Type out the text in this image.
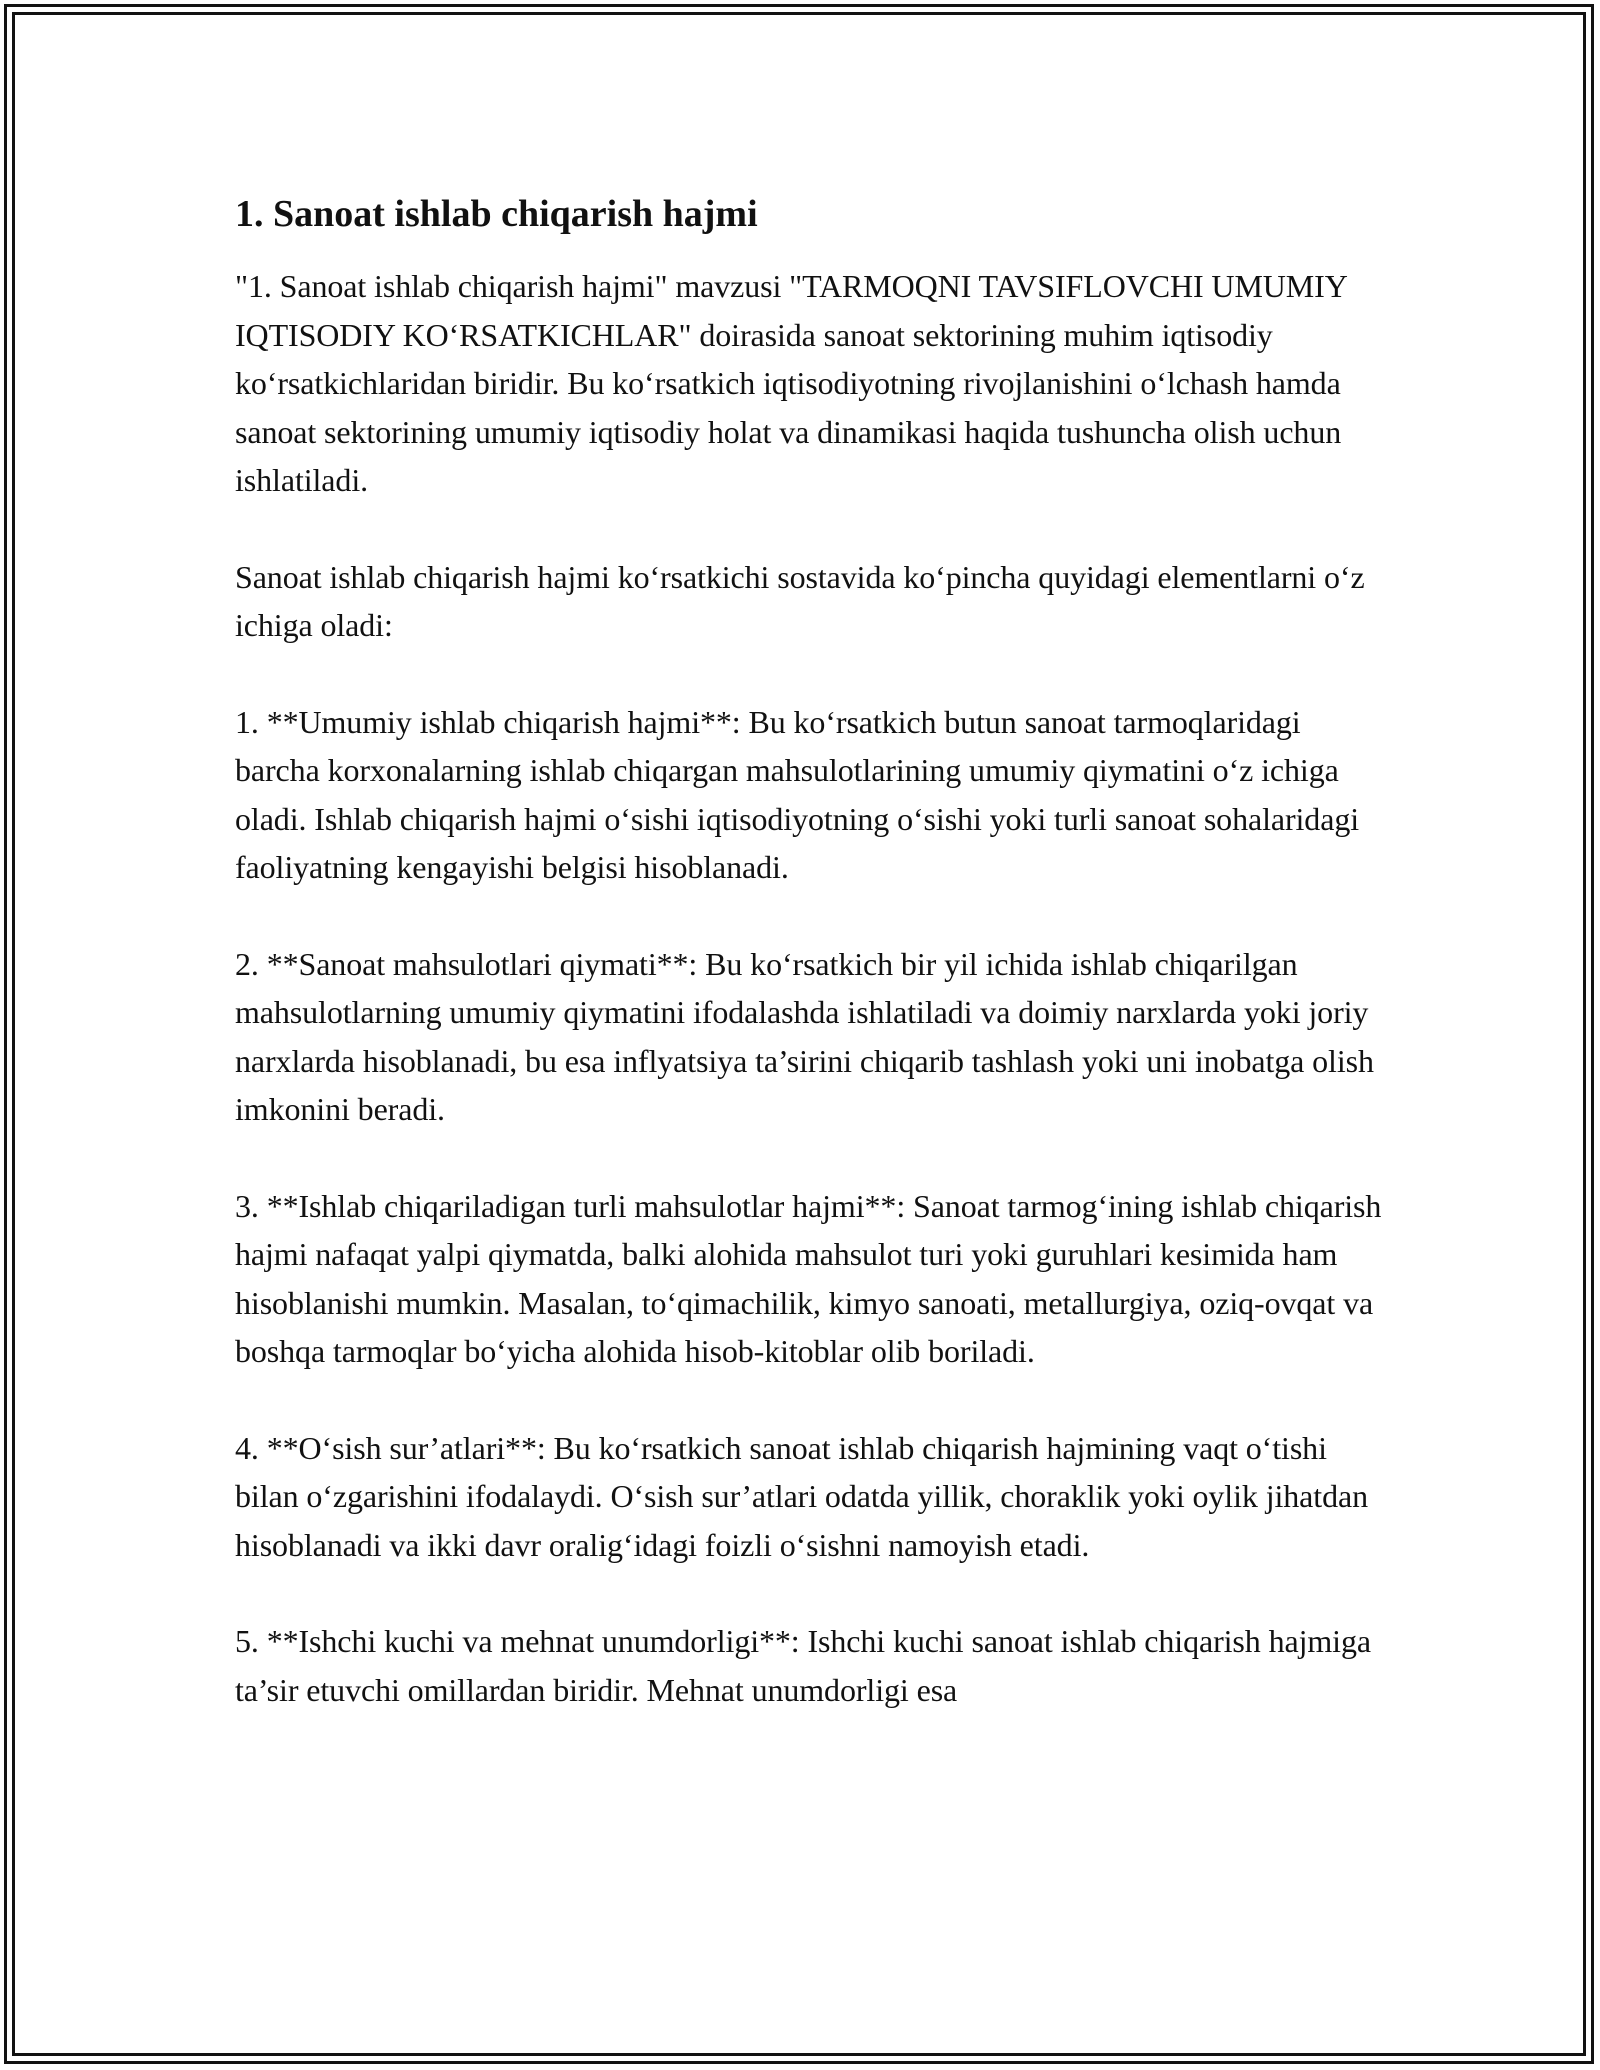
1. Sanoat ishlab chiqarish hajmi

"1. Sanoat ishlab chiqarish hajmi" mavzusi "TARMOQNI TAVSIFLOVCHI UMUMIY IQTISODIY KO‘RSATKICHLAR" doirasida sanoat sektorining muhim iqtisodiy ko‘rsatkichlaridan biridir. Bu ko‘rsatkich iqtisodiyotning rivojlanishini o‘lchash hamda sanoat sektorining umumiy iqtisodiy holat va dinamikasi haqida tushuncha olish uchun ishlatiladi.

Sanoat ishlab chiqarish hajmi ko‘rsatkichi sostavida ko‘pincha quyidagi elementlarni o‘z ichiga oladi:

1. **Umumiy ishlab chiqarish hajmi**: Bu ko‘rsatkich butun sanoat tarmoqlaridagi barcha korxonalarning ishlab chiqargan mahsulotlarining umumiy qiymatini o‘z ichiga oladi. Ishlab chiqarish hajmi o‘sishi iqtisodiyotning o‘sishi yoki turli sanoat sohalaridagi faoliyatning kengayishi belgisi hisoblanadi.

2. **Sanoat mahsulotlari qiymati**: Bu ko‘rsatkich bir yil ichida ishlab chiqarilgan mahsulotlarning umumiy qiymatini ifodalashda ishlatiladi va doimiy narxlarda yoki joriy narxlarda hisoblanadi, bu esa inflyatsiya ta’sirini chiqarib tashlash yoki uni inobatga olish imkonini beradi.

3. **Ishlab chiqariladigan turli mahsulotlar hajmi**: Sanoat tarmog‘ining ishlab chiqarish hajmi nafaqat yalpi qiymatda, balki alohida mahsulot turi yoki guruhlari kesimida ham hisoblanishi mumkin. Masalan, to‘qimachilik, kimyo sanoati, metallurgiya, oziq-ovqat va boshqa tarmoqlar bo‘yicha alohida hisob-kitoblar olib boriladi.

4. **O‘sish sur’atlari**: Bu ko‘rsatkich sanoat ishlab chiqarish hajmining vaqt o‘tishi bilan o‘zgarishini ifodalaydi. O‘sish sur’atlari odatda yillik, choraklik yoki oylik jihatdan hisoblanadi va ikki davr oralig‘idagi foizli o‘sishni namoyish etadi.

5. **Ishchi kuchi va mehnat unumdorligi**: Ishchi kuchi sanoat ishlab chiqarish hajmiga ta’sir etuvchi omillardan biridir. Mehnat unumdorligi esa
